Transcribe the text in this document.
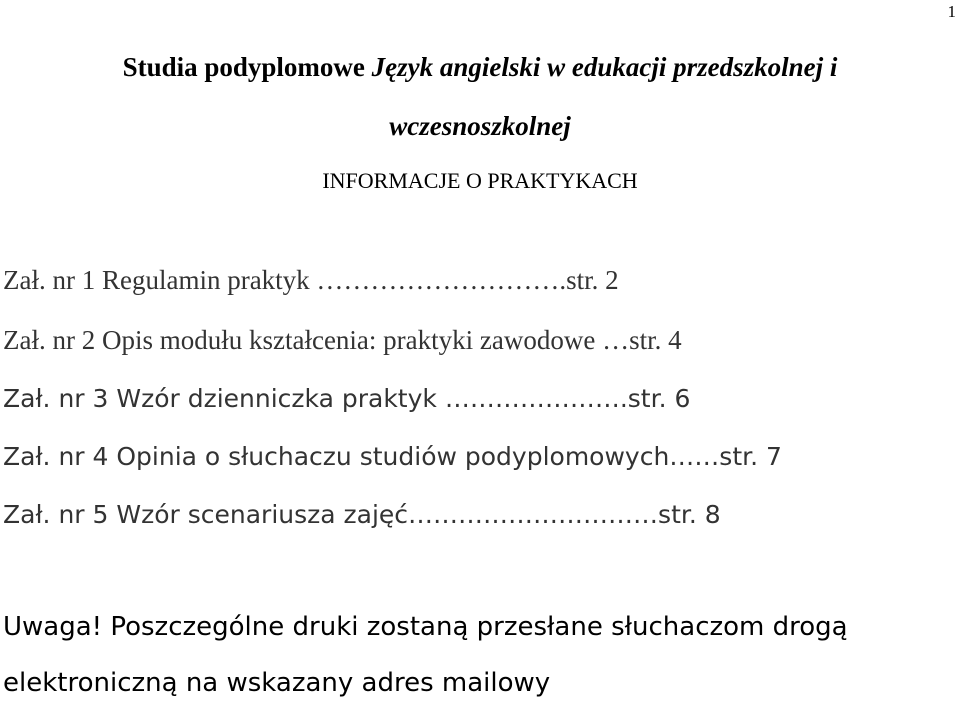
1
Studia podyplomowe Język angielski w edukacji przedszkolnej i
wczesnoszkolnej
INFORMACJE O PRAKTYKACH
Zał. nr 1 Regulamin praktyk ……………………….str. 2
Zał. nr 2 Opis modułu kształcenia: praktyki zawodowe …str. 4
Zał. nr 3 Wzór dzienniczka praktyk ………………….str. 6
Zał. nr 4 Opinia o słuchaczu studiów podyplomowych……str. 7
Zał. nr 5 Wzór scenariusza zajęć…………………………str. 8
Uwaga! Poszczególne druki zostaną przesłane słuchaczom drogą
elektroniczną na wskazany adres mailowy
